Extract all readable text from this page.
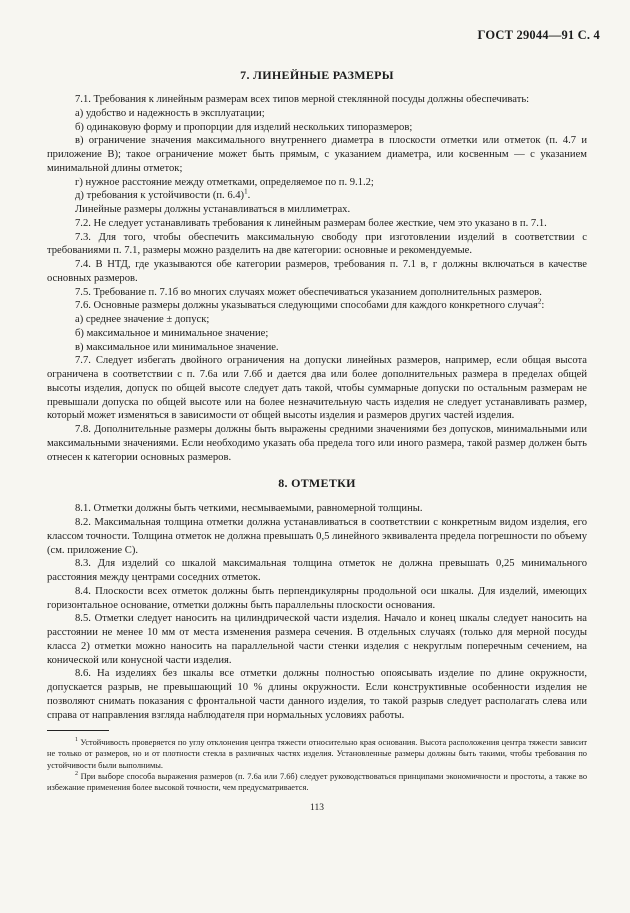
ГОСТ 29044—91 С. 4
7. ЛИНЕЙНЫЕ РАЗМЕРЫ

7.1. Требования к линейным размерам всех типов мерной стеклянной посуды должны обеспечивать:

а) удобство и надежность в эксплуатации;

б) одинаковую форму и пропорции для изделий нескольких типоразмеров;

в) ограничение значения максимального внутреннего диаметра в плоскости отметки или отметок (п. 4.7 и приложение В); такое ограничение может быть прямым, с указанием диаметра, или косвенным — с указанием минимальной длины отметок;

г) нужное расстояние между отметками, определяемое по п. 9.1.2;

д) требования к устойчивости (п. 6.4)$^1$.

Линейные размеры должны устанавливаться в миллиметрах.

7.2. Не следует устанавливать требования к линейным размерам более жесткие, чем это указано в п. 7.1.

7.3. Для того, чтобы обеспечить максимальную свободу при изготовлении изделий в соответствии с требованиями п. 7.1, размеры можно разделить на две категории: основные и рекомендуемые.

7.4. В НТД, где указываются обе категории размеров, требования п. 7.1 в, г должны включаться в качестве основных размеров.

7.5. Требование п. 7.1б во многих случаях может обеспечиваться указанием дополнительных размеров.

7.6. Основные размеры должны указываться следующими способами для каждого конкретного случая$^2$:

а) среднее значение ± допуск;

б) максимальное и минимальное значение;

в) максимальное или минимальное значение.

7.7. Следует избегать двойного ограничения на допуски линейных размеров, например, если общая высота ограничена в соответствии с п. 7.6а или 7.6б и дается два или более дополнительных размера в пределах общей высоты изделия, допуск по общей высоте следует дать такой, чтобы суммарные допуски по остальным размерам не превышали допуска по общей высоте или на более незначительную часть изделия не следует устанавливать размер, который может изменяться в зависимости от общей высоты изделия и размеров других частей изделия.

7.8. Дополнительные размеры должны быть выражены средними значениями без допусков, минимальными или максимальными значениями. Если необходимо указать оба предела того или иного размера, такой размер должен быть отнесен к категории основных размеров.

8. ОТМЕТКИ

8.1. Отметки должны быть четкими, несмываемыми, равномерной толщины.

8.2. Максимальная толщина отметки должна устанавливаться в соответствии с конкретным видом изделия, его классом точности. Толщина отметок не должна превышать 0,5 линейного эквивалента предела погрешности по объему (см. приложение С).

8.3. Для изделий со шкалой максимальная толщина отметок не должна превышать 0,25 минимального расстояния между центрами соседних отметок.

8.4. Плоскости всех отметок должны быть перпендикулярны продольной оси шкалы. Для изделий, имеющих горизонтальное основание, отметки должны быть параллельны плоскости основания.

8.5. Отметки следует наносить на цилиндрической части изделия. Начало и конец шкалы следует наносить на расстоянии не менее 10 мм от места изменения размера сечения. В отдельных случаях (только для мерной посуды класса 2) отметки можно наносить на параллельной части стенки изделия с некруглым поперечным сечением, на конической или конусной части изделия.

8.6. На изделиях без шкалы все отметки должны полностью опоясывать изделие по длине окружности, допускается разрыв, не превышающий 10 % длины окружности. Если конструктивные особенности изделия не позволяют снимать показания с фронтальной части данного изделия, то такой разрыв следует располагать слева или справа от направления взгляда наблюдателя при нормальных условиях работы.

$^1$ Устойчивость проверяется по углу отклонения центра тяжести относительно края основания. Высота расположения центра тяжести зависит не только от размеров, но и от плотности стекла в различных частях изделия. Установленные размеры должны быть такими, чтобы требования по устойчивости были выполнимы.

$^2$ При выборе способа выражения размеров (п. 7.6а или 7.6б) следует руководствоваться принципами экономичности и простоты, а также во избежание применения более высокой точности, чем предусматривается.

113
